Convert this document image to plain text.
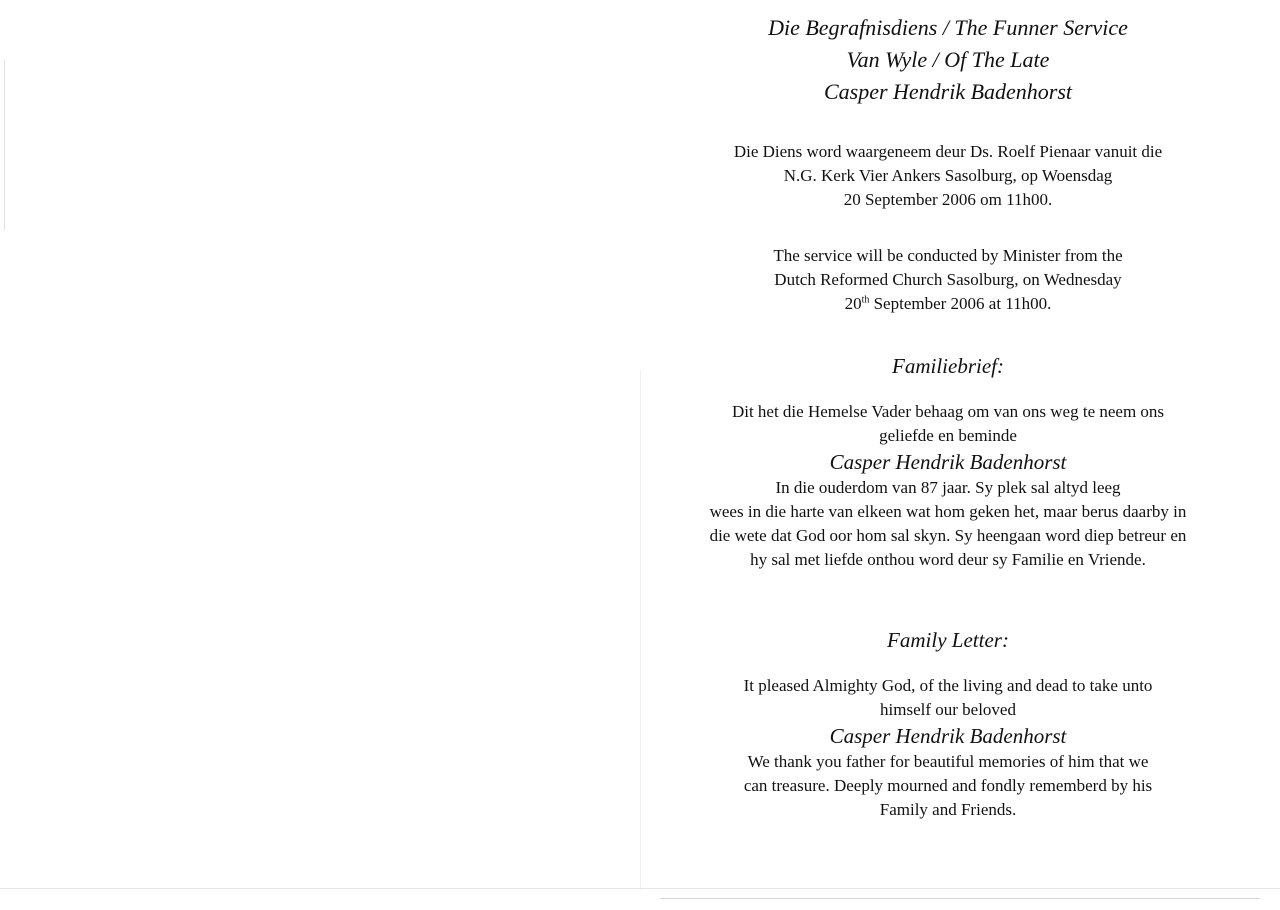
Die Begrafnisdiens / The Funner Service

Van Wyle / Of The Late

Casper Hendrik Badenhorst

Die Diens word waargeneem deur Ds. Roelf Pienaar vanuit die

N.G. Kerk Vier Ankers Sasolburg, op Woensdag

20 September 2006 om 11h00.

The service will be conducted by Minister from the

Dutch Reformed Church Sasolburg, on Wednesday

20th September 2006 at 11h00.

Familiebrief:

Dit het die Hemelse Vader behaag om van ons weg te neem ons

geliefde en beminde

Casper Hendrik Badenhorst

In die ouderdom van 87 jaar. Sy plek sal altyd leeg

wees in die harte van elkeen wat hom geken het, maar berus daarby in

die wete dat God oor hom sal skyn. Sy heengaan word diep betreur en

hy sal met liefde onthou word deur sy Familie en Vriende.

Family Letter:

It pleased Almighty God, of the living and dead to take unto

himself our beloved

Casper Hendrik Badenhorst

We thank you father for beautiful memories of him that we

can treasure. Deeply mourned and fondly rememberd by his

Family and Friends.
